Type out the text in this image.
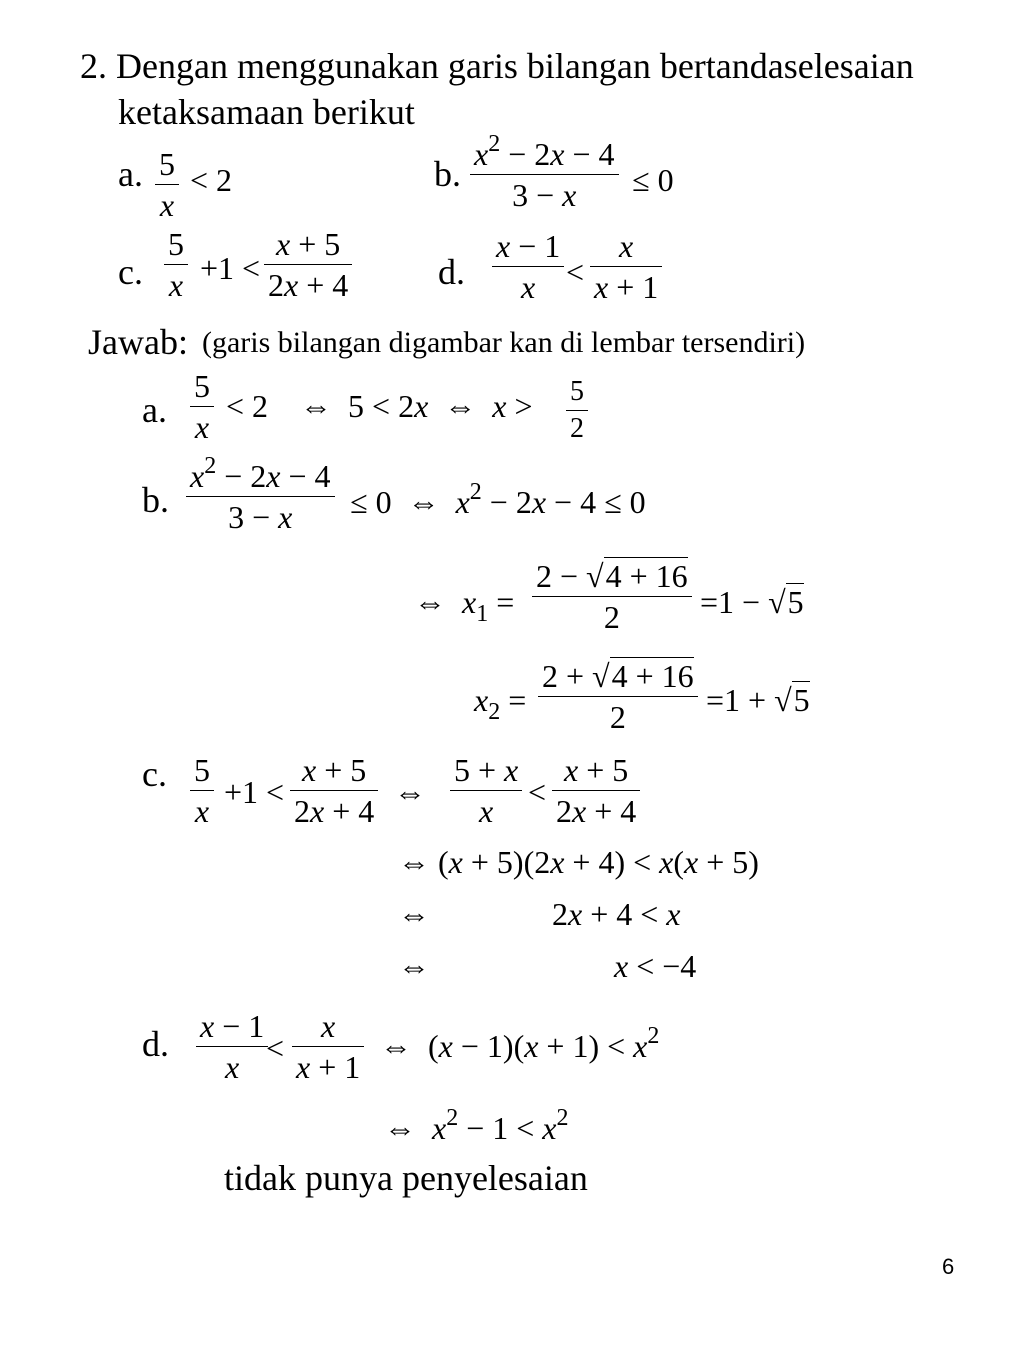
2. Dengan menggunakan garis bilangan bertandaselesaian
ketaksamaan berikut
a. 5
x
< 2	b. $x^2 - 2x - 4$
3 − x ≤ 0
c.
5
x +1 <
x + 5
2x + 4 d.
x − 1
x <
x
x + 1
Jawab: (garis bilangan digambar kan di lembar tersendiri)
a.
5
x
< 2    ⇔  5 < 2x  ⇔  x > 5
2
b.
$x^2 - 2x - 4$
3 − x ≤ 0  ⇔  $x^2 - 2x - 4 \le 0$
⇔  $x_1$ =
2 − √4 + 16
2	=1 − √5
$x_2$ =
2 + √4 + 16
2	=1 + √5
c. 5
x
+1 <
x + 5
2x + 4
⇔
5 + x
x
<
x + 5
2x + 4
⇔ (x + 5)(2x + 4) < x(x + 5)
⇔	2x + 4 < x
⇔	x < −4
d. x − 1
x
<
x
x + 1
⇔  $(x - 1)(x + 1) < x^2$
⇔  $x^2 - 1 < x^2$
tidak punya penyelesaian
6
